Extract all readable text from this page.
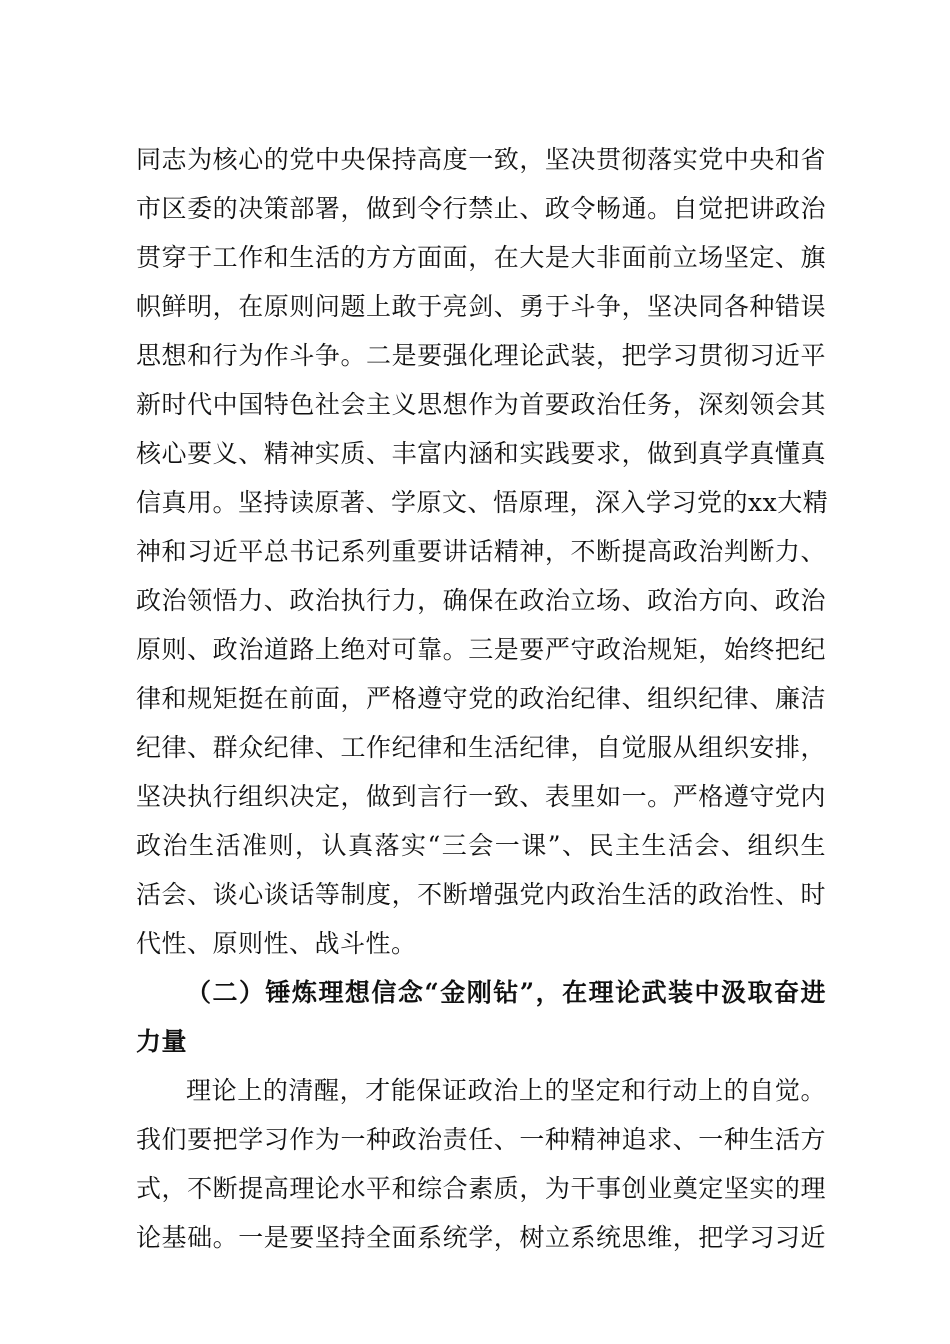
同志为核心的党中央保持高度一致，坚决贯彻落实党中央和省
市区委的决策部署，做到令行禁止、政令畅通。自觉把讲政治
贯穿于工作和生活的方方面面，在大是大非面前立场坚定、旗
帜鲜明，在原则问题上敢于亮剑、勇于斗争，坚决同各种错误
思想和行为作斗争。二是要强化理论武装，把学习贯彻习近平
新时代中国特色社会主义思想作为首要政治任务，深刻领会其
核心要义、精神实质、丰富内涵和实践要求，做到真学真懂真
信真用。坚持读原著、学原文、悟原理，深入学习党的xx大精
神和习近平总书记系列重要讲话精神，不断提高政治判断力、
政治领悟力、政治执行力，确保在政治立场、政治方向、政治
原则、政治道路上绝对可靠。三是要严守政治规矩，始终把纪
律和规矩挺在前面，严格遵守党的政治纪律、组织纪律、廉洁
纪律、群众纪律、工作纪律和生活纪律，自觉服从组织安排，
坚决执行组织决定，做到言行一致、表里如一。严格遵守党内
政治生活准则，认真落实“三会一课”、民主生活会、组织生
活会、谈心谈话等制度，不断增强党内政治生活的政治性、时
代性、原则性、战斗性。
（二）锤炼理想信念“金刚钻”，在理论武装中汲取奋进
力量
理论上的清醒，才能保证政治上的坚定和行动上的自觉。
我们要把学习作为一种政治责任、一种精神追求、一种生活方
式，不断提高理论水平和综合素质，为干事创业奠定坚实的理
论基础。一是要坚持全面系统学，树立系统思维，把学习习近
